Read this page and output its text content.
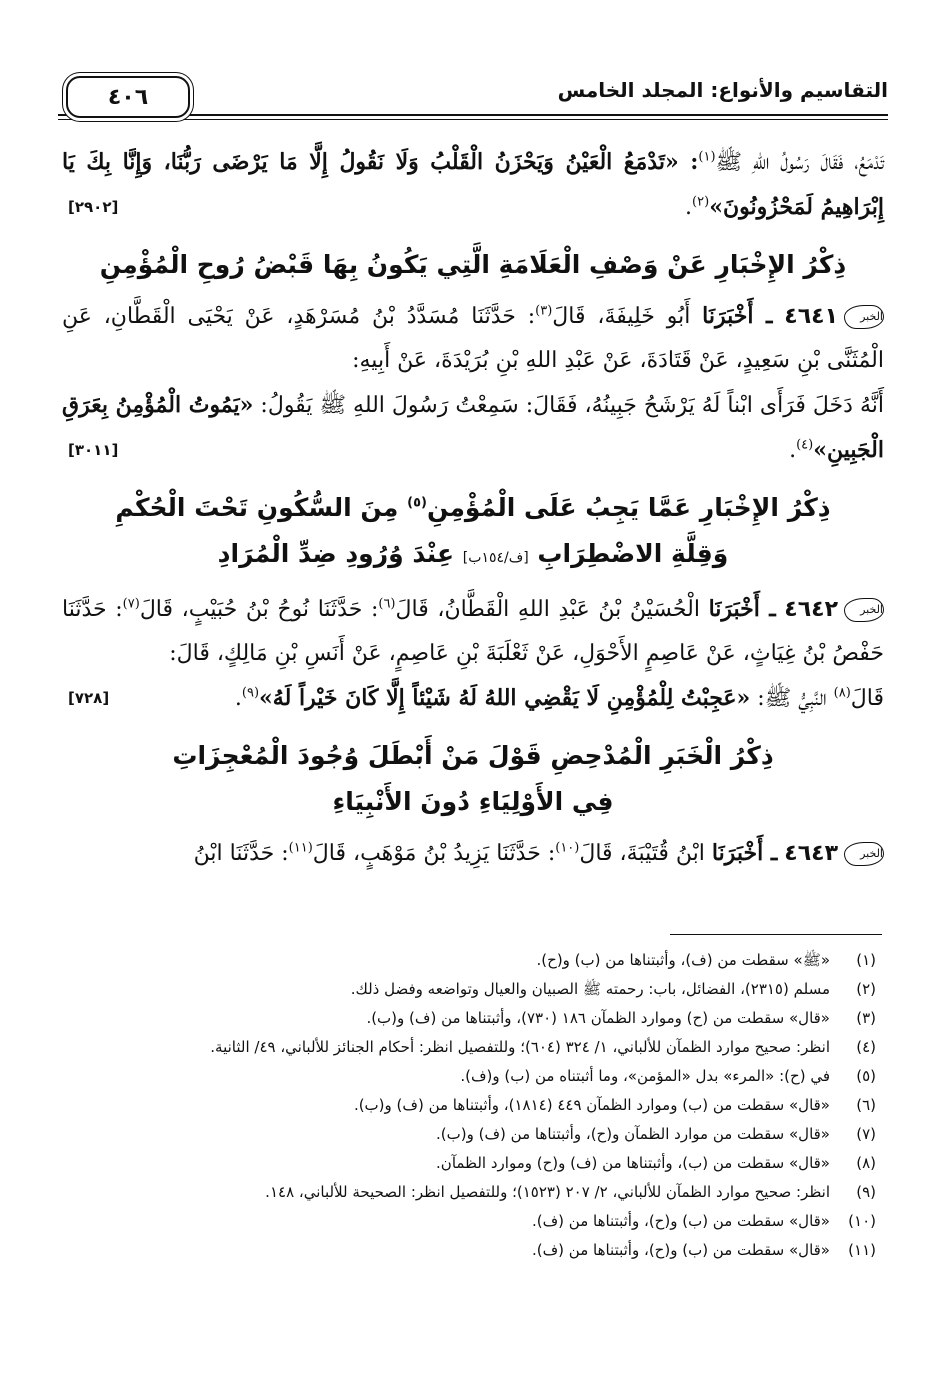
التقاسيم والأنواع: المجلد الخامس
٤٠٦

تَدْمَعُ، فَقَالَ رَسُولُ اللهِ ﷺ$^{(١)}$: «تَدْمَعُ الْعَيْنُ وَيَحْزَنُ الْقَلْبُ وَلَا نَقُولُ إِلَّا مَا يَرْضَى رَبُّنَا، وَإِنَّا بِكَ يَا إِبْرَاهِيمُ لَمَحْزُونُونَ»$^{(٢)}$.
[٢٩٠٢]

ذِكْرُ الإِخْبَارِ عَنْ وَصْفِ الْعَلَامَةِ الَّتِي يَكُونُ بِهَا قَبْضُ رُوحِ الْمُؤْمِنِ

الخبر٤٦٤١ ـ أَخْبَرَنَا أَبُو خَلِيفَةَ، قَالَ$^{(٣)}$: حَدَّثَنَا مُسَدَّدُ بْنُ مُسَرْهَدٍ، عَنْ يَحْيَى الْقَطَّانِ، عَنِ الْمُثَنَّى بْنِ سَعِيدٍ، عَنْ قَتَادَةَ، عَنْ عَبْدِ اللهِ بْنِ بُرَيْدَةَ، عَنْ أَبِيهِ:

أَنَّهُ دَخَلَ فَرَأَى ابْناً لَهُ يَرْشَحُ جَبِينُهُ، فَقَالَ: سَمِعْتُ رَسُولَ اللهِ ﷺ يَقُولُ: «يَمُوتُ الْمُؤْمِنُ بِعَرَقِ الْجَبِينِ»$^{(٤)}$.
[٣٠١١]

ذِكْرُ الإِخْبَارِ عَمَّا يَجِبُ عَلَى الْمُؤْمِنِ$^{(٥)}$ مِنَ السُّكُونِ تَحْتَ الْحُكْمِ
وَقِلَّةِ الاضْطِرَابِ [ف/١٥٤ب] عِنْدَ وُرُودِ ضِدِّ الْمُرَادِ

الخبر٤٦٤٢ ـ أَخْبَرَنَا الْحُسَيْنُ بْنُ عَبْدِ اللهِ الْقَطَّانُ، قَالَ$^{(٦)}$: حَدَّثَنَا نُوحُ بْنُ حُبَيْبٍ، قَالَ$^{(٧)}$: حَدَّثَنَا حَفْصُ بْنُ غِيَاثٍ، عَنْ عَاصِمٍ الأَحْوَلِ، عَنْ ثَعْلَبَةَ بْنِ عَاصِمٍ، عَنْ أَنَسِ بْنِ مَالِكٍ، قَالَ:

قَالَ$^{(٨)}$ النَّبِيُّ ﷺ: «عَجِبْتُ لِلْمُؤْمِنِ لَا يَقْضِي اللهُ لَهُ شَيْئاً إِلَّا كَانَ خَيْراً لَهُ»$^{(٩)}$.
[٧٢٨]

ذِكْرُ الْخَبَرِ الْمُدْحِضِ قَوْلَ مَنْ أَبْطَلَ وُجُودَ الْمُعْجِزَاتِ
فِي الأَوْلِيَاءِ دُونَ الأَنْبِيَاءِ

الخبر٤٦٤٣ ـ أَخْبَرَنَا ابْنُ قُتَيْبَةَ، قَالَ$^{(١٠)}$: حَدَّثَنَا يَزِيدُ بْنُ مَوْهَبٍ، قَالَ$^{(١١)}$: حَدَّثَنَا ابْنُ

(١)
«ﷺ» سقطت من (ف)، وأثبتناها من (ب) و(ح).
(٢)
مسلم (٢٣١٥)، الفضائل، باب: رحمته ﷺ الصبيان والعيال وتواضعه وفضل ذلك.
(٣)
«قال» سقطت من (ح) وموارد الظمآن ١٨٦ (٧٣٠)، وأثبتناها من (ف) و(ب).
(٤)
انظر: صحيح موارد الظمآن للألباني، ١/ ٣٢٤ (٦٠٤)؛ وللتفصيل انظر: أحكام الجنائز للألباني، ٤٩/ الثانية.
(٥)
في (ح): «المرء» بدل «المؤمن»، وما أثبتناه من (ب) و(ف).
(٦)
«قال» سقطت من (ب) وموارد الظمآن ٤٤٩ (١٨١٤)، وأثبتناها من (ف) و(ب).
(٧)
«قال» سقطت من موارد الظمآن و(ح)، وأثبتناها من (ف) و(ب).
(٨)
«قال» سقطت من (ب)، وأثبتناها من (ف) و(ح) وموارد الظمآن.
(٩)
انظر: صحيح موارد الظمآن للألباني، ٢/ ٢٠٧ (١٥٢٣)؛ وللتفصيل انظر: الصحيحة للألباني، ١٤٨.
(١٠)
«قال» سقطت من (ب) و(ح)، وأثبتناها من (ف).
(١١)
«قال» سقطت من (ب) و(ح)، وأثبتناها من (ف).
